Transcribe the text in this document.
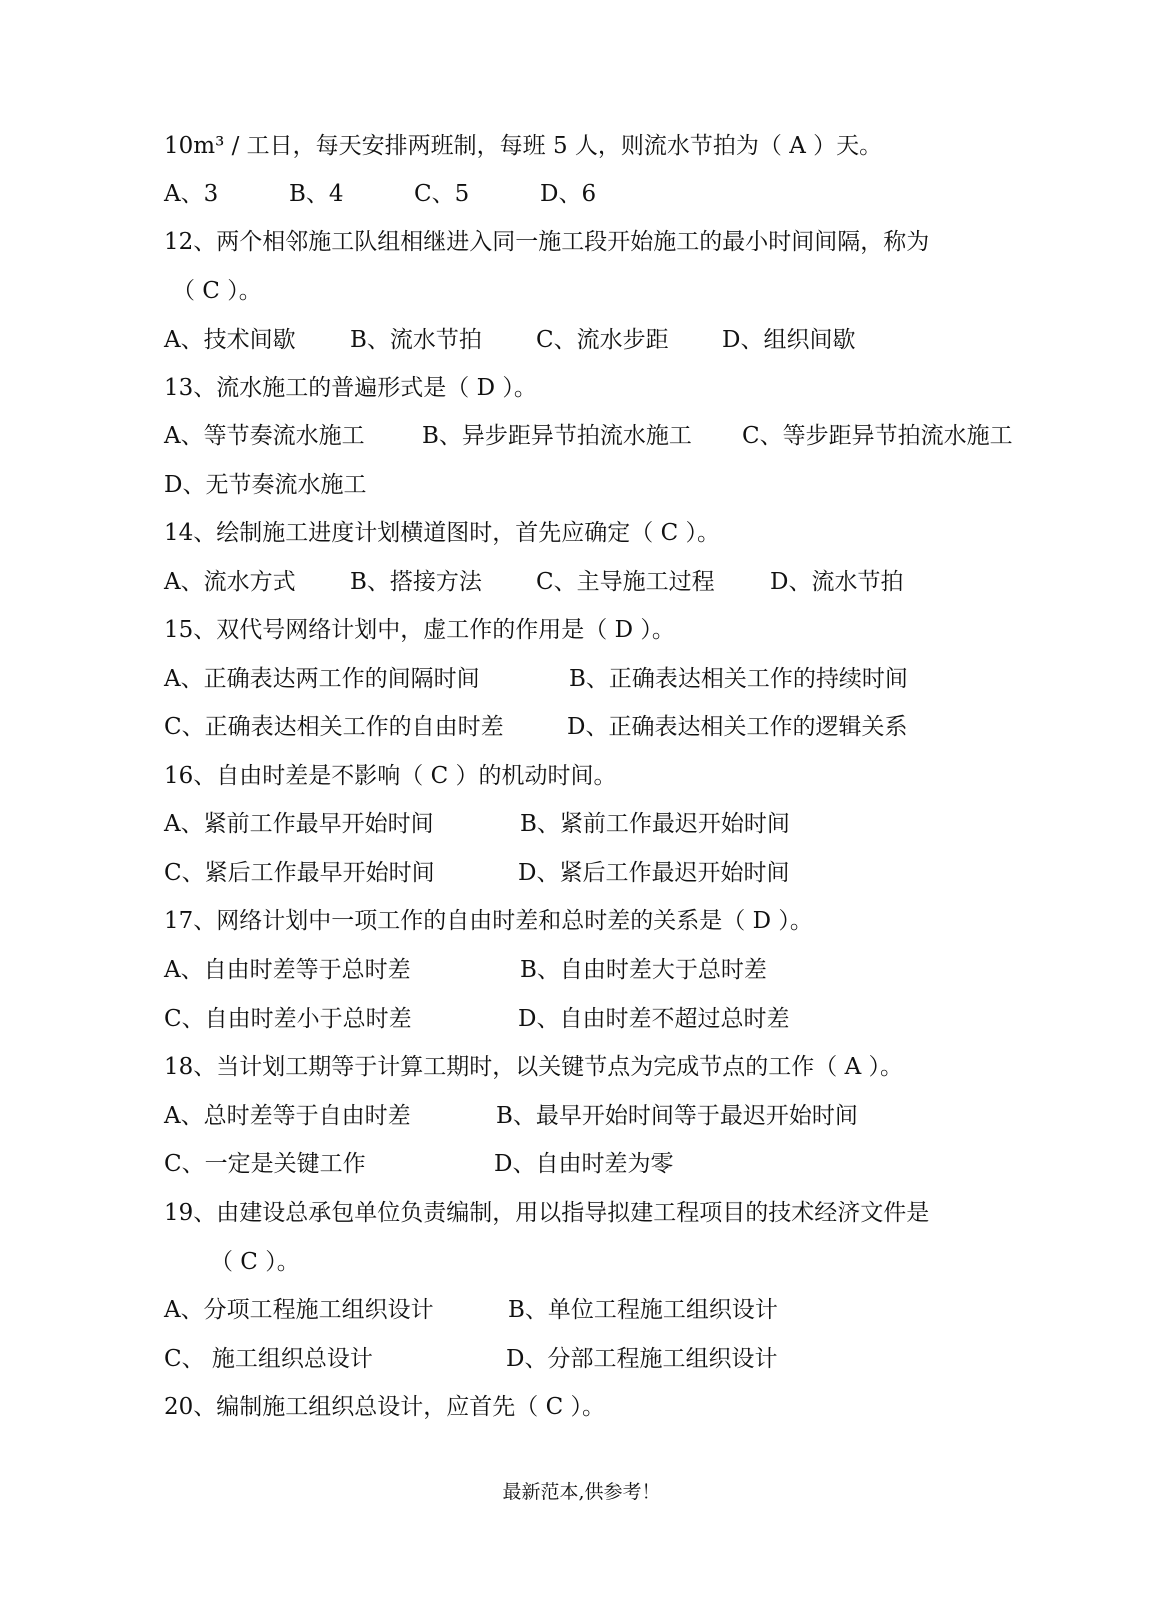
10m³ / 工日，每天安排两班制，每班 5 人，则流水节拍为（ A ）天。
A、3	B、4	C、5	D、6
12、两个相邻施工队组相继进入同一施工段开始施工的最小时间间隔，称为
（ C ）。
A、技术间歇 B、流水节拍 C、流水步距 D、组织间歇
13、流水施工的普遍形式是（ D ）。
A、等节奏流水施工 B、异步距异节拍流水施工 C、等步距异节拍流水施工
D、无节奏流水施工
14、绘制施工进度计划横道图时，首先应确定（ C ）。
A、流水方式 B、搭接方法 C、主导施工过程 D、流水节拍
15、双代号网络计划中，虚工作的作用是（ D ）。
A、正确表达两工作的间隔时间	B、正确表达相关工作的持续时间
C、正确表达相关工作的自由时差	D、正确表达相关工作的逻辑关系
16、自由时差是不影响（ C ）的机动时间。
A、紧前工作最早开始时间	B、紧前工作最迟开始时间
C、紧后工作最早开始时间	D、紧后工作最迟开始时间
17、网络计划中一项工作的自由时差和总时差的关系是（ D ）。
A、自由时差等于总时差	B、自由时差大于总时差
C、自由时差小于总时差	D、自由时差不超过总时差
18、当计划工期等于计算工期时，以关键节点为完成节点的工作（ A ）。
A、总时差等于自由时差	B、最早开始时间等于最迟开始时间
C、一定是关键工作	D、自由时差为零
19、由建设总承包单位负责编制，用以指导拟建工程项目的技术经济文件是
（ C ）。
A、分项工程施工组织设计	B、单位工程施工组织设计
C、 施工组织总设计	D、分部工程施工组织设计
20、编制施工组织总设计，应首先（ C ）。
最新范本,供参考！
